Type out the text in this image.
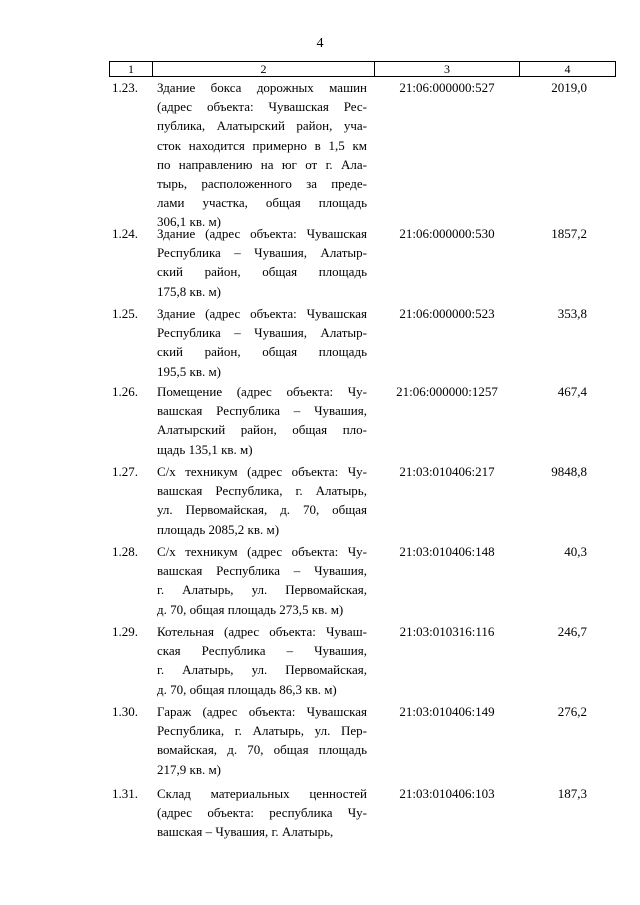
4
1	2	3	4
1.23.	Здание бокса дорожных машин
(адрес объекта: Чувашская Рес-
публика, Алатырский район, уча-
сток находится примерно в 1,5 км
по направлению на юг от г. Ала-
тырь, расположенного за преде-
лами участка, общая площадь
306,1 кв. м)
21:06:000000:527	2019,0
1.24.	Здание (адрес объекта: Чувашская
Республика – Чувашия, Алатыр-
ский район, общая площадь
175,8 кв. м)
21:06:000000:530	1857,2
1.25.	Здание (адрес объекта: Чувашская
Республика – Чувашия, Алатыр-
ский район, общая площадь
195,5 кв. м)
21:06:000000:523	353,8
1.26.	Помещение (адрес объекта: Чу-
вашская Республика – Чувашия,
Алатырский район, общая пло-
щадь 135,1 кв. м)
21:06:000000:1257	467,4
1.27.	С/х техникум (адрес объекта: Чу-
вашская Республика, г. Алатырь,
ул. Первомайская, д. 70, общая
площадь 2085,2 кв. м)
21:03:010406:217	9848,8
1.28.	С/х техникум (адрес объекта: Чу-
вашская Республика – Чувашия,
г. Алатырь, ул. Первомайская,
д. 70, общая площадь 273,5 кв. м)
21:03:010406:148	40,3
1.29.	Котельная (адрес объекта: Чуваш-
ская Республика – Чувашия,
г. Алатырь, ул. Первомайская,
д. 70, общая площадь 86,3 кв. м)
21:03:010316:116	246,7
1.30.	Гараж (адрес объекта: Чувашская
Республика, г. Алатырь, ул. Пер-
вомайская, д. 70, общая площадь
217,9 кв. м)
21:03:010406:149	276,2
1.31.	Склад материальных ценностей
(адрес объекта: республика Чу-
вашская – Чувашия, г. Алатырь,
21:03:010406:103	187,3
